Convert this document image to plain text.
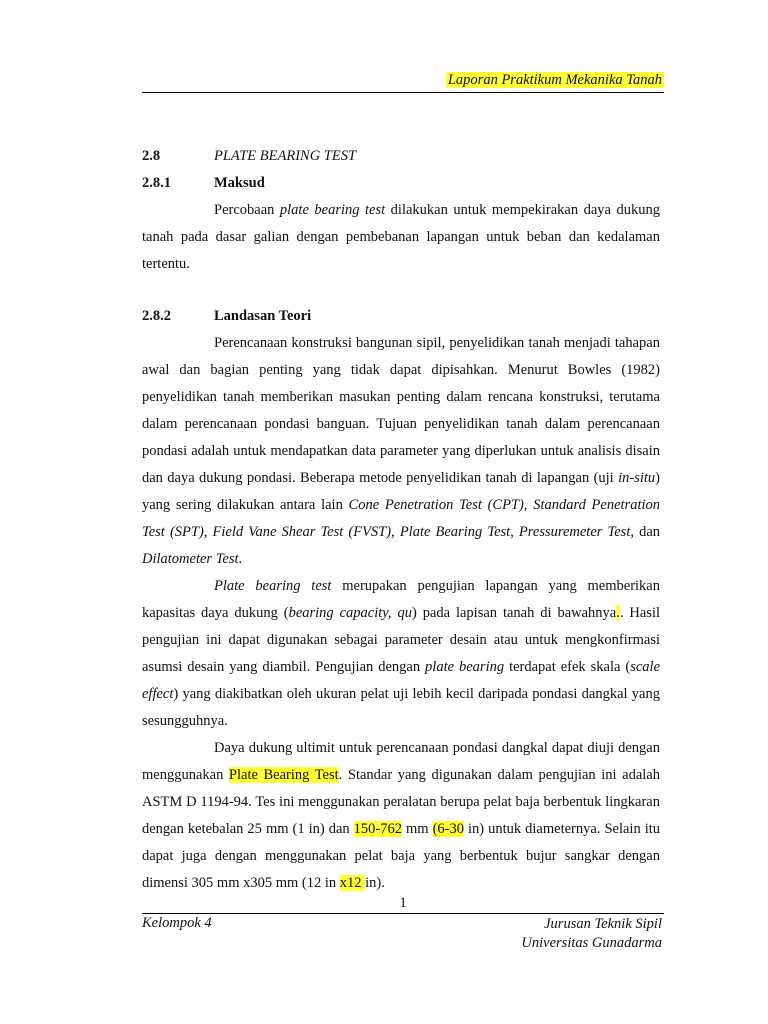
Laporan Praktikum Mekanika Tanah
2.8	PLATE BEARING TEST
2.8.1	Maksud

Percobaan plate bearing test dilakukan untuk mempekirakan daya dukung tanah pada dasar galian dengan pembebanan lapangan untuk beban dan kedalaman tertentu.

2.8.2	Landasan Teori

Perencanaan konstruksi bangunan sipil, penyelidikan tanah menjadi tahapan awal dan bagian penting yang tidak dapat dipisahkan. Menurut Bowles (1982) penyelidikan tanah memberikan masukan penting dalam rencana konstruksi, terutama dalam perencanaan pondasi banguan. Tujuan penyelidikan tanah dalam perencanaan pondasi adalah untuk mendapatkan data parameter yang diperlukan untuk analisis disain dan daya dukung pondasi. Beberapa metode penyelidikan tanah di lapangan (uji in-situ) yang sering dilakukan antara lain Cone Penetration Test (CPT), Standard Penetration Test (SPT), Field Vane Shear Test (FVST), Plate Bearing Test, Pressuremeter Test, dan Dilatometer Test.

Plate bearing test merupakan pengujian lapangan yang memberikan kapasitas daya dukung (bearing capacity, qu) pada lapisan tanah di bawahnya.. Hasil pengujian ini dapat digunakan sebagai parameter desain atau untuk mengkonfirmasi asumsi desain yang diambil. Pengujian dengan plate bearing terdapat efek skala (scale effect) yang diakibatkan oleh ukuran pelat uji lebih kecil daripada pondasi dangkal yang sesungguhnya.

Daya dukung ultimit untuk perencanaan pondasi dangkal dapat diuji dengan menggunakan Plate Bearing Test. Standar yang digunakan dalam pengujian ini adalah ASTM D 1194-94. Tes ini menggunakan peralatan berupa pelat baja berbentuk lingkaran dengan ketebalan 25 mm (1 in) dan 150-762 mm (6-30 in) untuk diameternya. Selain itu dapat juga dengan menggunakan pelat baja yang berbentuk bujur sangkar dengan dimensi 305 mm x305 mm (12 in x12 in).

1
Kelompok 4	Jurusan Teknik Sipil
Universitas Gunadarma
